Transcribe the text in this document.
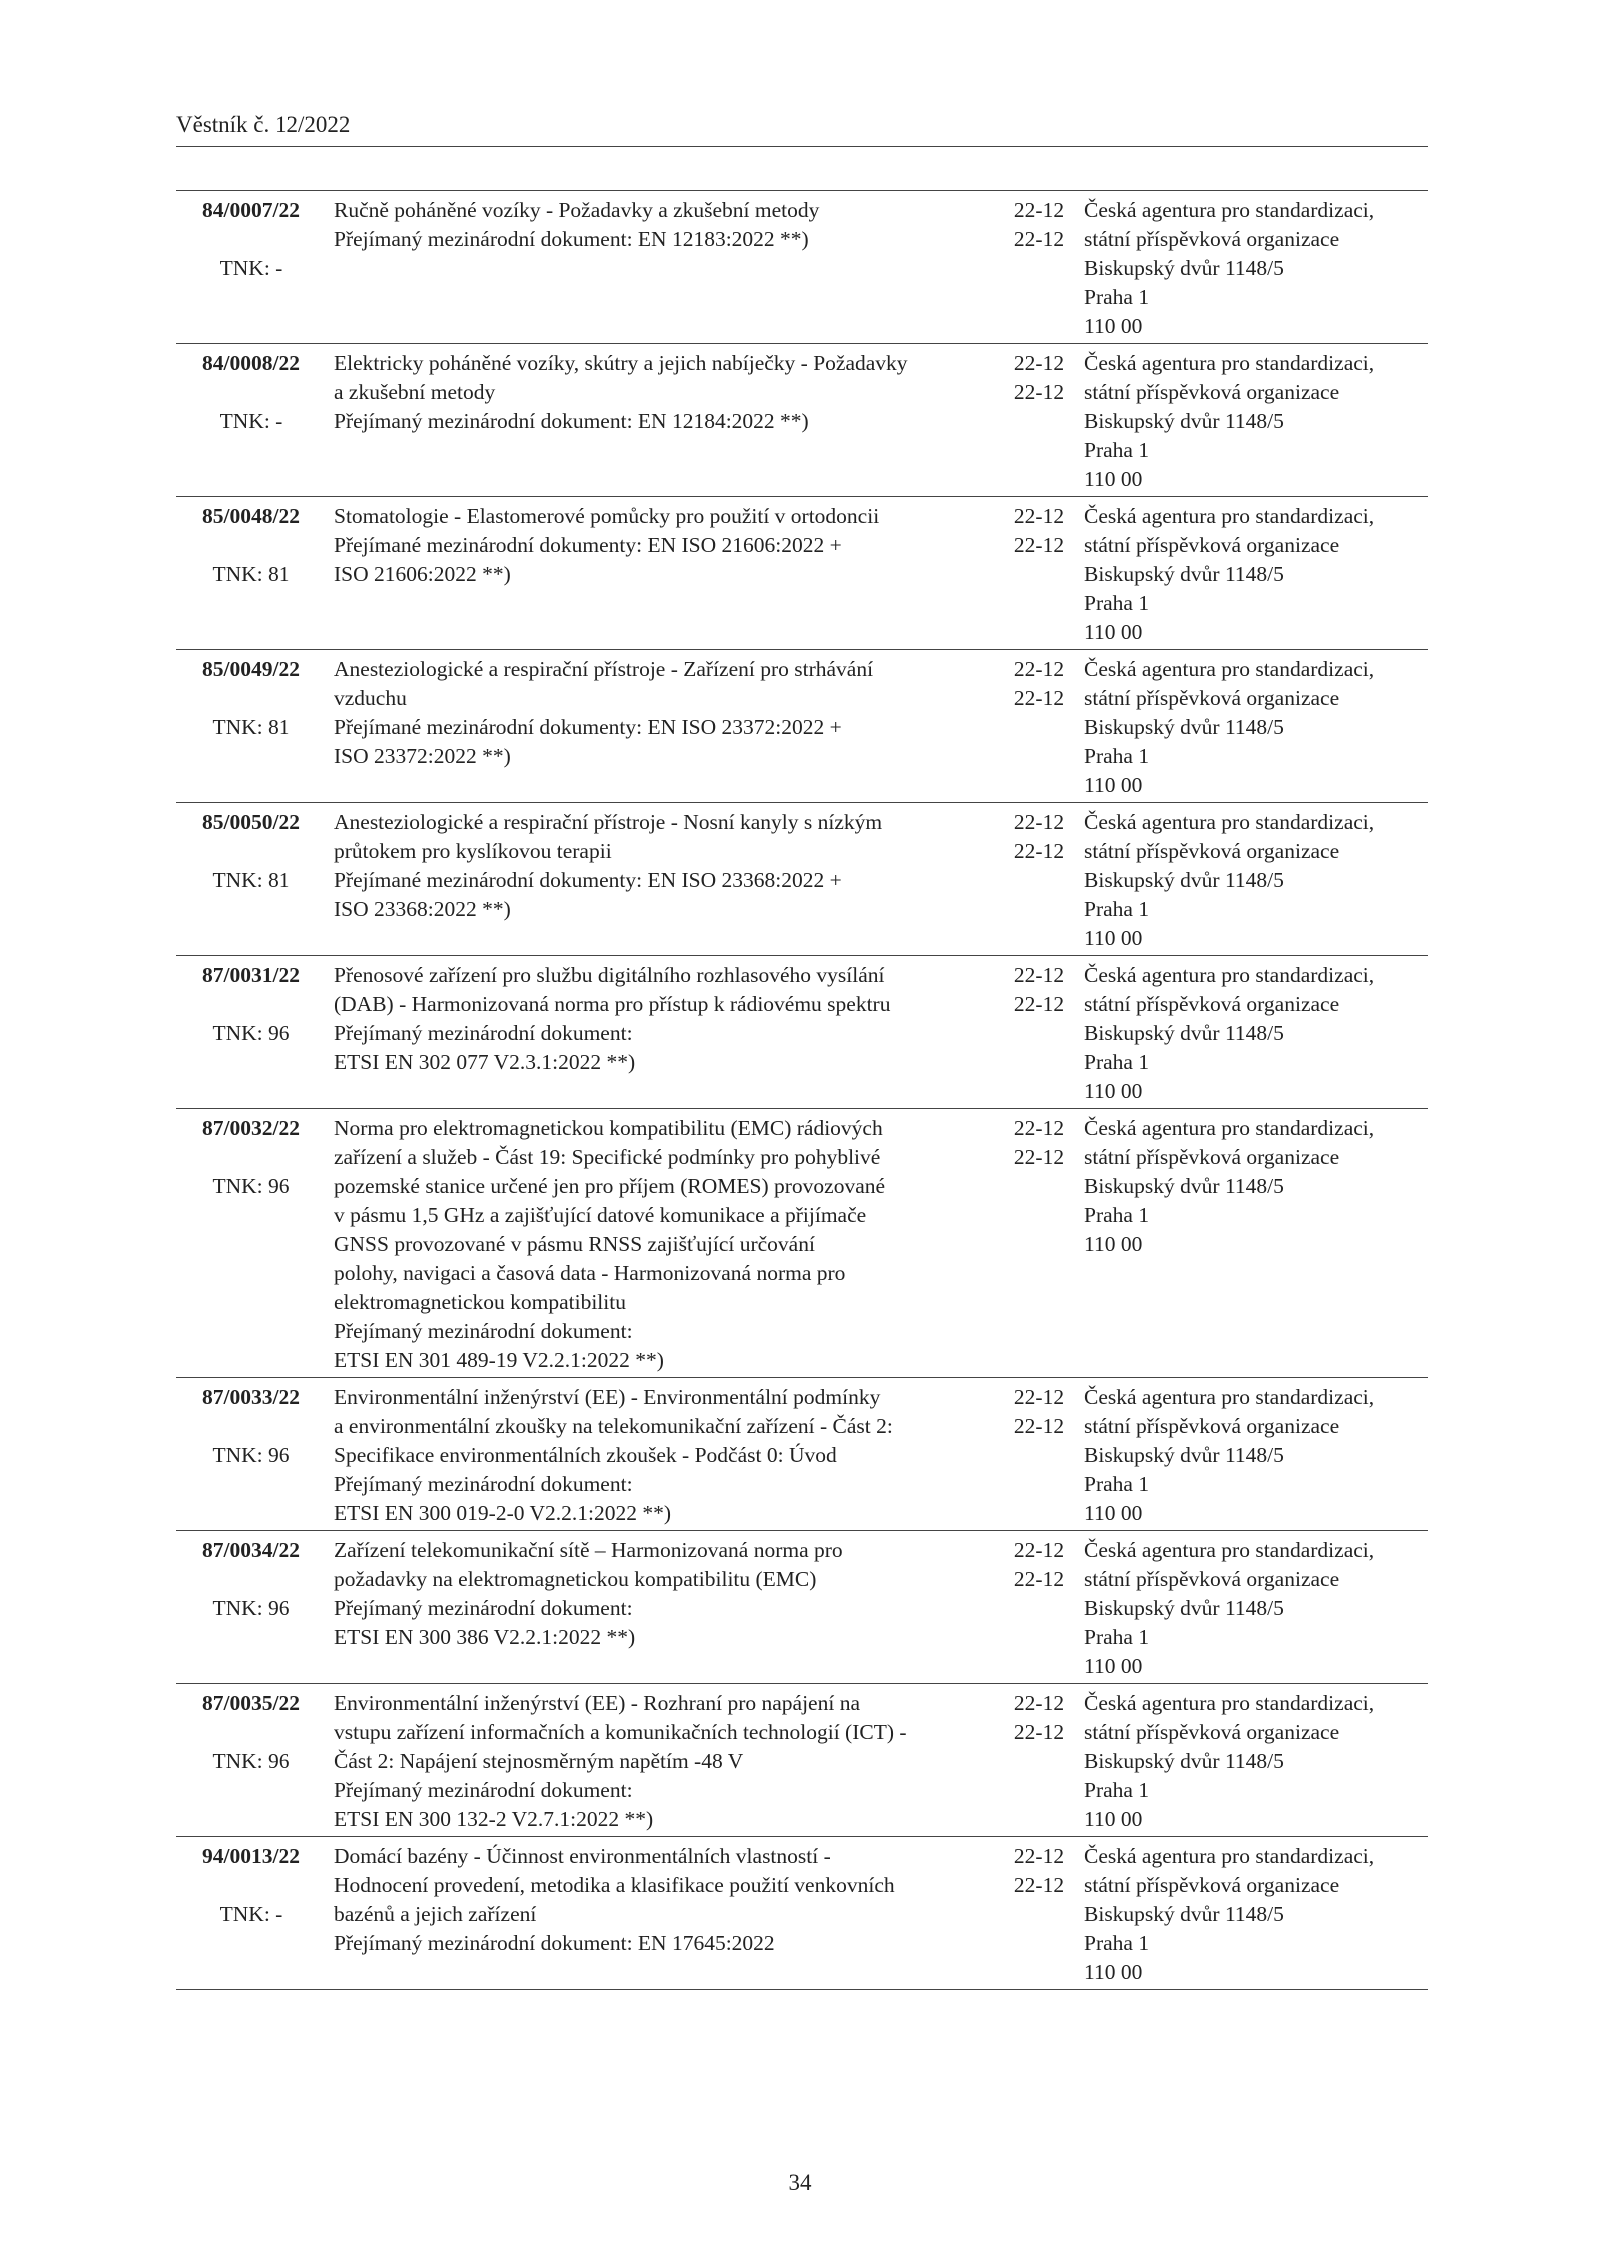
Věstník č. 12/2022
84/0007/22
TNK: -
Ručně poháněné vozíky - Požadavky a zkušební metody
Přejímaný mezinárodní dokument: EN 12183:2022 **)
22-12
22-12
Česká agentura pro standardizaci,
státní příspěvková organizace
Biskupský dvůr 1148/5
Praha 1
110 00
84/0008/22
TNK: -
Elektricky poháněné vozíky, skútry a jejich nabíječky - Požadavky
a zkušební metody
Přejímaný mezinárodní dokument: EN 12184:2022 **)
22-12
22-12
Česká agentura pro standardizaci,
státní příspěvková organizace
Biskupský dvůr 1148/5
Praha 1
110 00
85/0048/22
TNK: 81
Stomatologie - Elastomerové pomůcky pro použití v ortodoncii
Přejímané mezinárodní dokumenty: EN ISO 21606:2022 +
ISO 21606:2022 **)
22-12
22-12
Česká agentura pro standardizaci,
státní příspěvková organizace
Biskupský dvůr 1148/5
Praha 1
110 00
85/0049/22
TNK: 81
Anesteziologické a respirační přístroje - Zařízení pro strhávání
vzduchu
Přejímané mezinárodní dokumenty: EN ISO 23372:2022 +
ISO 23372:2022 **)
22-12
22-12
Česká agentura pro standardizaci,
státní příspěvková organizace
Biskupský dvůr 1148/5
Praha 1
110 00
85/0050/22
TNK: 81
Anesteziologické a respirační přístroje - Nosní kanyly s nízkým
průtokem pro kyslíkovou terapii
Přejímané mezinárodní dokumenty: EN ISO 23368:2022 +
ISO 23368:2022 **)
22-12
22-12
Česká agentura pro standardizaci,
státní příspěvková organizace
Biskupský dvůr 1148/5
Praha 1
110 00
87/0031/22
TNK: 96
Přenosové zařízení pro službu digitálního rozhlasového vysílání
(DAB) - Harmonizovaná norma pro přístup k rádiovému spektru
Přejímaný mezinárodní dokument:
ETSI EN 302 077 V2.3.1:2022 **)
22-12
22-12
Česká agentura pro standardizaci,
státní příspěvková organizace
Biskupský dvůr 1148/5
Praha 1
110 00
87/0032/22
TNK: 96
Norma pro elektromagnetickou kompatibilitu (EMC) rádiových
zařízení a služeb - Část 19: Specifické podmínky pro pohyblivé
pozemské stanice určené jen pro příjem (ROMES) provozované
v pásmu 1,5 GHz a zajišťující datové komunikace a přijímače
GNSS provozované v pásmu RNSS zajišťující určování
polohy, navigaci a časová data - Harmonizovaná norma pro
elektromagnetickou kompatibilitu
Přejímaný mezinárodní dokument:
ETSI EN 301 489-19 V2.2.1:2022 **)
22-12
22-12
Česká agentura pro standardizaci,
státní příspěvková organizace
Biskupský dvůr 1148/5
Praha 1
110 00
87/0033/22
TNK: 96
Environmentální inženýrství (EE) - Environmentální podmínky
a environmentální zkoušky na telekomunikační zařízení - Část 2:
Specifikace environmentálních zkoušek - Podčást 0: Úvod
Přejímaný mezinárodní dokument:
ETSI EN 300 019-2-0 V2.2.1:2022 **)
22-12
22-12
Česká agentura pro standardizaci,
státní příspěvková organizace
Biskupský dvůr 1148/5
Praha 1
110 00
87/0034/22
TNK: 96
Zařízení telekomunikační sítě – Harmonizovaná norma pro
požadavky na elektromagnetickou kompatibilitu (EMC)
Přejímaný mezinárodní dokument:
ETSI EN 300 386 V2.2.1:2022 **)
22-12
22-12
Česká agentura pro standardizaci,
státní příspěvková organizace
Biskupský dvůr 1148/5
Praha 1
110 00
87/0035/22
TNK: 96
Environmentální inženýrství (EE) - Rozhraní pro napájení na
vstupu zařízení informačních a komunikačních technologií (ICT) -
Část 2: Napájení stejnosměrným napětím -48 V
Přejímaný mezinárodní dokument:
ETSI EN 300 132-2 V2.7.1:2022 **)
22-12
22-12
Česká agentura pro standardizaci,
státní příspěvková organizace
Biskupský dvůr 1148/5
Praha 1
110 00
94/0013/22
TNK: -
Domácí bazény - Účinnost environmentálních vlastností -
Hodnocení provedení, metodika a klasifikace použití venkovních
bazénů a jejich zařízení
Přejímaný mezinárodní dokument: EN 17645:2022
22-12
22-12
Česká agentura pro standardizaci,
státní příspěvková organizace
Biskupský dvůr 1148/5
Praha 1
110 00
34
